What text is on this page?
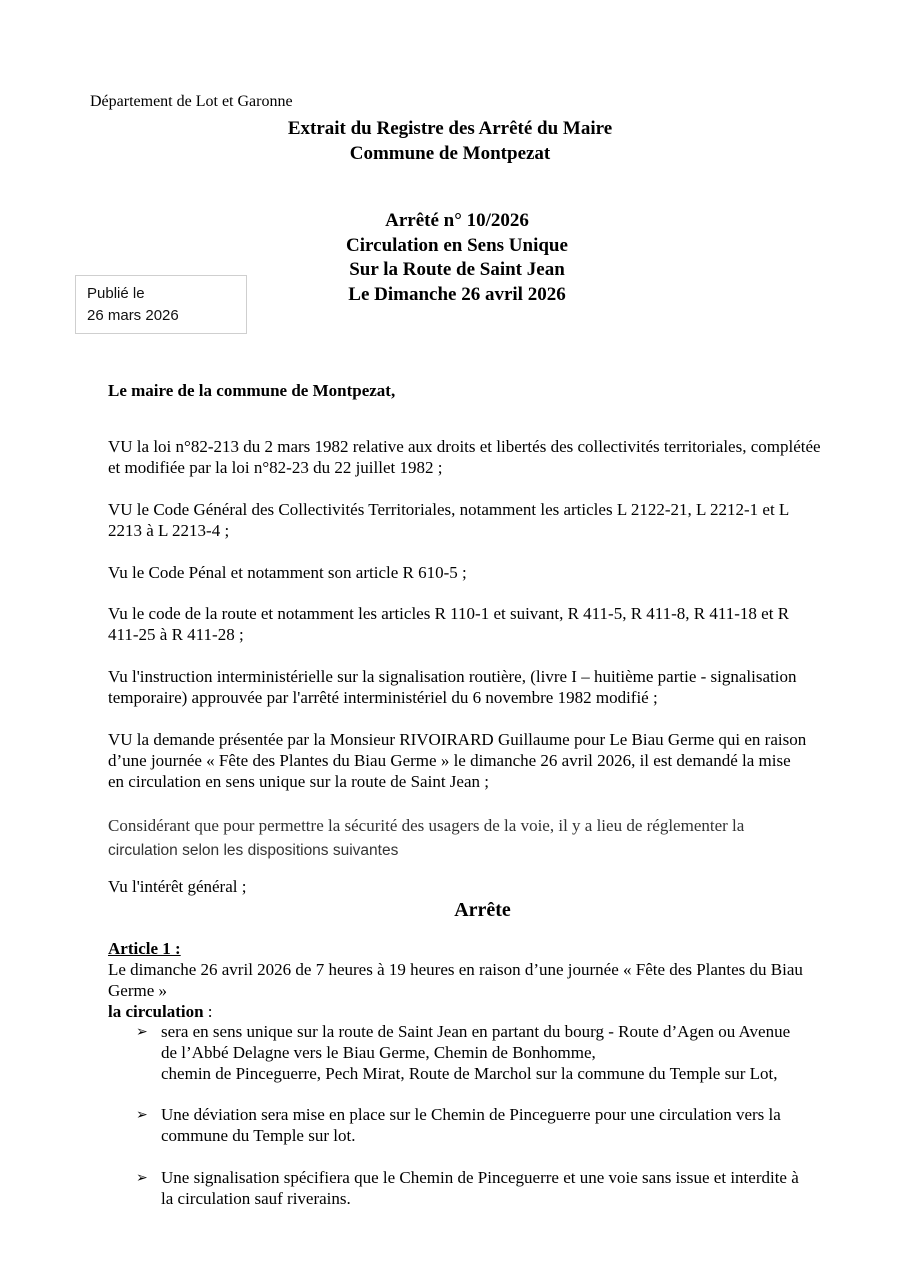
Département de Lot et Garonne
Extrait du Registre des Arrêté du Maire
Commune de Montpezat
Arrêté n° 10/2026
Circulation en Sens Unique
Sur la Route de Saint Jean
Le Dimanche 26 avril 2026
Publié le
26 mars 2026
Le maire de la commune de Montpezat,
VU la loi n°82-213 du 2 mars 1982 relative aux droits et libertés des collectivités territoriales, complétée
et modifiée par la loi n°82-23 du 22 juillet 1982 ;
VU le Code Général des Collectivités Territoriales, notamment les articles L 2122-21, L 2212-1 et L
2213 à L 2213-4 ;
Vu le Code Pénal et notamment son article R 610-5 ;
Vu le code de la route et notamment les articles R 110-1 et suivant, R 411-5, R 411-8, R 411-18 et R
411-25 à R 411-28 ;
Vu l'instruction interministérielle sur la signalisation routière, (livre I – huitième partie - signalisation
temporaire) approuvée par l'arrêté interministériel du 6 novembre 1982 modifié ;
VU la demande présentée par la Monsieur RIVOIRARD Guillaume pour Le Biau Germe qui en raison
d’une journée « Fête des Plantes du Biau Germe » le dimanche 26 avril 2026, il est demandé la mise
en circulation en sens unique sur la route de Saint Jean ;
Considérant que pour permettre la sécurité des usagers de la voie, il y a lieu de réglementer la
circulation selon les dispositions suivantes
Vu l'intérêt général ;
Arrête
Article 1 :
Le dimanche 26 avril 2026 de 7 heures à 19 heures en raison d’une journée « Fête des Plantes du Biau
Germe »
la circulation :
➢ sera en sens unique sur la route de Saint Jean en partant du bourg - Route d’Agen ou Avenue
de l’Abbé Delagne vers le Biau Germe, Chemin de Bonhomme,
chemin de Pinceguerre, Pech Mirat, Route de Marchol sur la commune du Temple sur Lot,
➢ Une déviation sera mise en place sur le Chemin de Pinceguerre pour une circulation vers la
commune du Temple sur lot.
➢ Une signalisation spécifiera que le Chemin de Pinceguerre et une voie sans issue et interdite à
la circulation sauf riverains.
